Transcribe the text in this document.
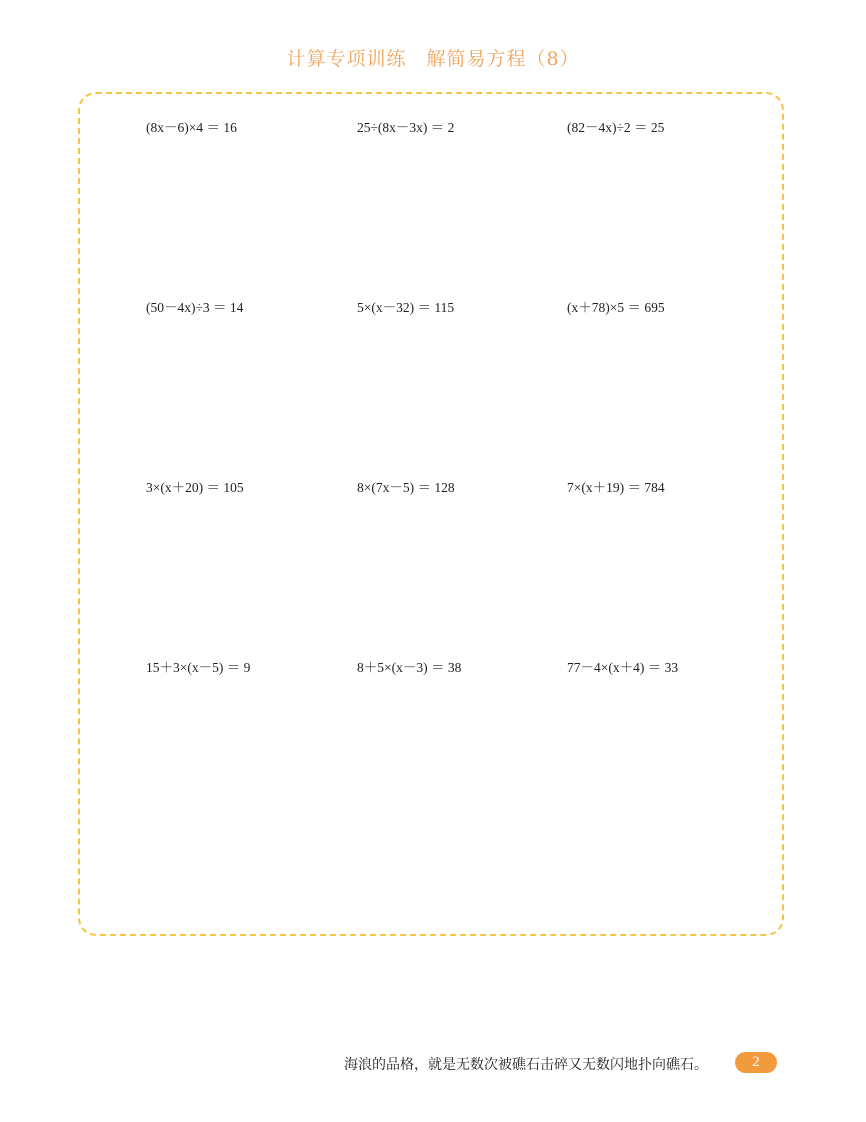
计算专项训练　解简易方程（8）
(8x－6)×4 ＝ 16	25÷(8x－3x) ＝ 2	(82－4x)÷2 ＝ 25
(50－4x)÷3 ＝ 14	5×(x－32) ＝ 115	(x＋78)×5 ＝ 695
3×(x＋20) ＝ 105	8×(7x－5) ＝ 128	7×(x＋19) ＝ 784
15＋3×(x－5) ＝ 9	8＋5×(x－3) ＝ 38	77－4×(x＋4) ＝ 33
海浪的品格，就是无数次被礁石击碎又无数闪地扑向礁石。	2
